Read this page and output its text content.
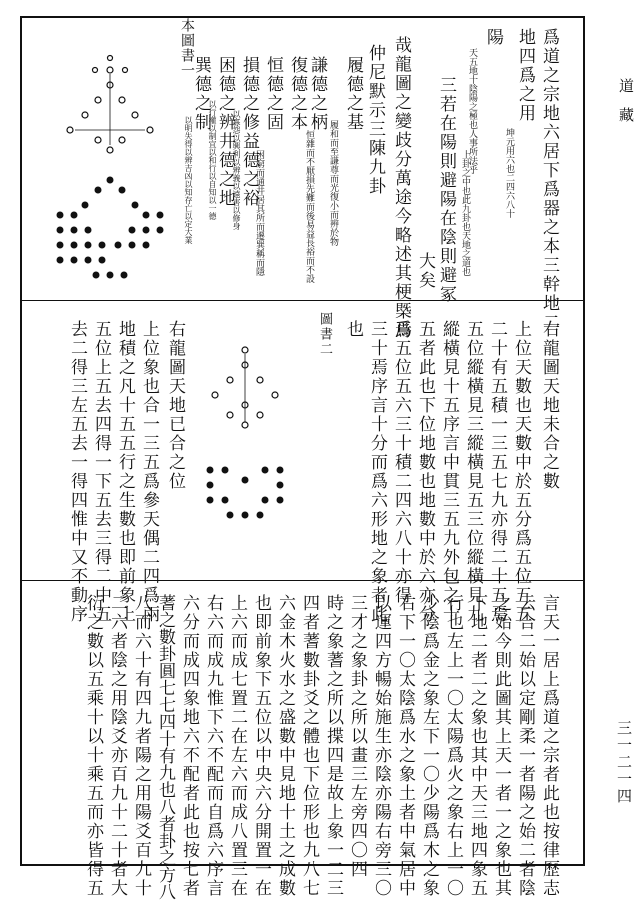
道藏
三一二一四
爲道之宗地六居下爲器之本三幹地二
地四爲之用
坤元用六也二四六八十
陽
天五地十陰陽之極也人事所法乎
三若在陽則避陽在陰則避冢
大矣	上卦之中也此九卦也天地之道也
哉龍圖之變歧分萬途今略述其梗槩焉
仲尼默示三陳九卦
履德之基
履和而至謙尊而光復小而辨於物
謙德之柄
復德之本
恒雜而不厭損先難而後易益長裕而不設
恒德之固
損德之修益德之裕
困德之辨井德之地
困窮而通井居其所而遷巽稱而隱
巽德之制
以行權以制宜以和行以自知以一德 以寡怨以興利以辨義以遠害以修身
以明失得以辨吉凶以知存亡以定大業
本圖書一
右龍圖天地未合之數
上位天數也天數中於五分爲五位五五
二十有五積一三五七九亦得二十五焉
五位縱橫見三縱橫見五三位縱橫見九
縱橫見十五序言中貫三五九外包之十
五者此也下位地數也地數中於六亦分
爲五位五六三十積二四六八十亦得
三十焉序言十分而爲六形地之象者此
也
圖書二
右龍圖天地已合之位
上位象也合一三五爲參天偶二四爲兩
地積之凡十五五行之生數也即前象上
五位上五去四得一下五去三得二中五
去二得三左五去一得四惟中又不動序
言天一居上爲道之宗者此也按律歷志
云合二始以定剛柔一者陽之始二者陰
之始今則此圖其上天一者一之象也其
下地二者二之象也其中天三地四象五
行也左上一〇太陽爲火之象右上一〇
少陰爲金之象左下一〇少陽爲木之象
右下一〇太陰爲水之象土者中氣居中
以運四方暢始施生亦陰亦陽右旁三〇
三才之象卦之所以畫三左旁四〇四
時之象蓍之所以揲四是故上象一二三
四者蓍數卦爻之體也下位形也九八七
六金木火水之盛數中見地十土之成數
也即前象下五位以中央六分開置一在
上六而成七置二在左六而成八置三在
右六而成九惟下六不配而自爲六序言
六分而成四象地六不配者此也按七者
蓍之數卦圓七七四十有九也八者卦之方八
八而六十有四九者陽之用陽爻百九十
二六者陰之用陰爻亦百九十二十者大
衍之數以五乘十以十乘五而亦皆得五
